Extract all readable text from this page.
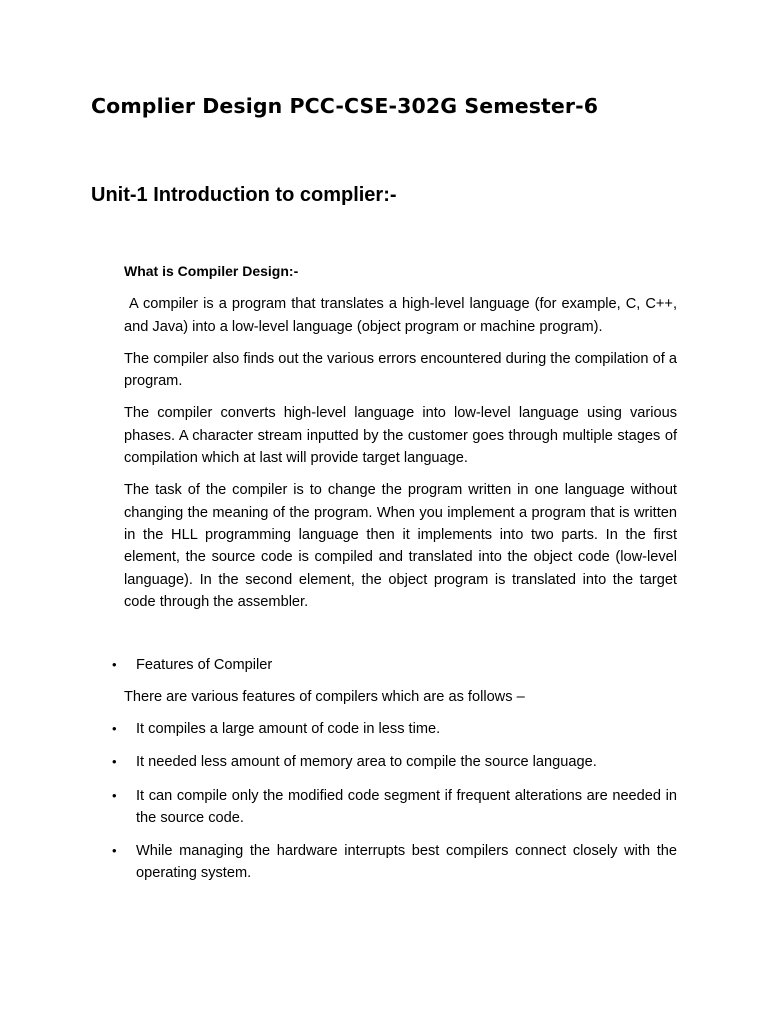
Complier Design PCC-CSE-302G Semester-6
Unit-1 Introduction to complier:-
What is Compiler Design:-

A compiler is a program that translates a high-level language (for example, C, C++, and Java) into a low-level language (object program or machine program).

The compiler also finds out the various errors encountered during the compilation of a program.

The compiler converts high-level language into low-level language using various phases. A character stream inputted by the customer goes through multiple stages of compilation which at last will provide target language.

The task of the compiler is to change the program written in one language without changing the meaning of the program. When you implement a program that is written in the HLL programming language then it implements into two parts. In the first element, the source code is compiled and translated into the object code (low-level language). In the second element, the object program is translated into the target code through the assembler.

•	Features of Compiler
There are various features of compilers which are as follows –
•	It compiles a large amount of code in less time.
•	It needed less amount of memory area to compile the source language.
•	It can compile only the modified code segment if frequent alterations are needed in the source code.
•	While managing the hardware interrupts best compilers connect closely with the operating system.
